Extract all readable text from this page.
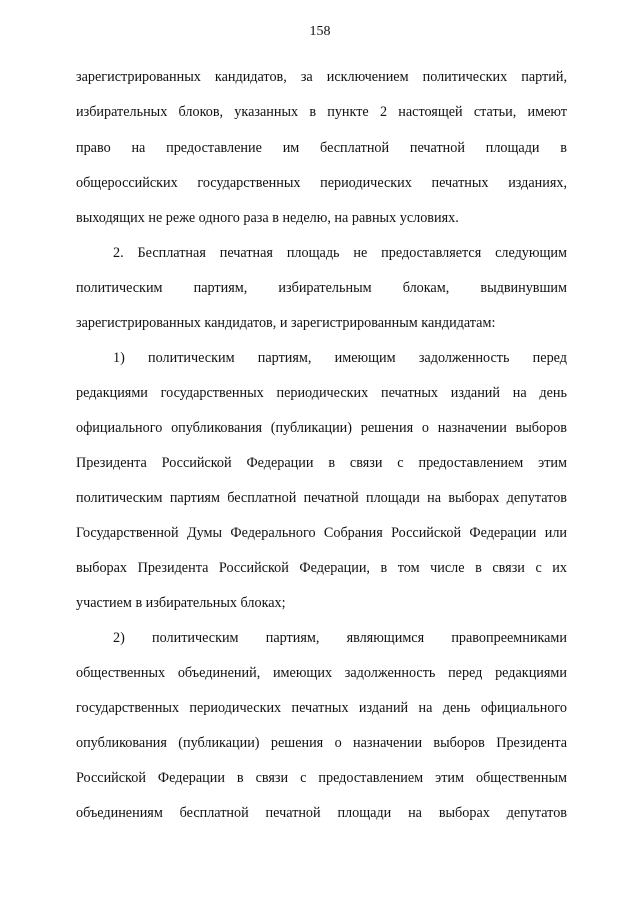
158
зарегистрированных кандидатов, за исключением политических партий,
избирательных блоков, указанных в пункте 2 настоящей статьи, имеют
право на предоставление им бесплатной печатной площади в
общероссийских государственных периодических печатных изданиях,
выходящих не реже одного раза в неделю, на равных условиях.
2. Бесплатная печатная площадь не предоставляется следующим
политическим партиям, избирательным блокам, выдвинувшим
зарегистрированных кандидатов, и зарегистрированным кандидатам:
1) политическим партиям, имеющим задолженность перед
редакциями государственных периодических печатных изданий на день
официального опубликования (публикации) решения о назначении выборов
Президента Российской Федерации в связи с предоставлением этим
политическим партиям бесплатной печатной площади на выборах депутатов
Государственной Думы Федерального Собрания Российской Федерации или
выборах Президента Российской Федерации, в том числе в связи с их
участием в избирательных блоках;
2) политическим партиям, являющимся правопреемниками
общественных объединений, имеющих задолженность перед редакциями
государственных периодических печатных изданий на день официального
опубликования (публикации) решения о назначении выборов Президента
Российской Федерации в связи с предоставлением этим общественным
объединениям бесплатной печатной площади на выборах депутатов
